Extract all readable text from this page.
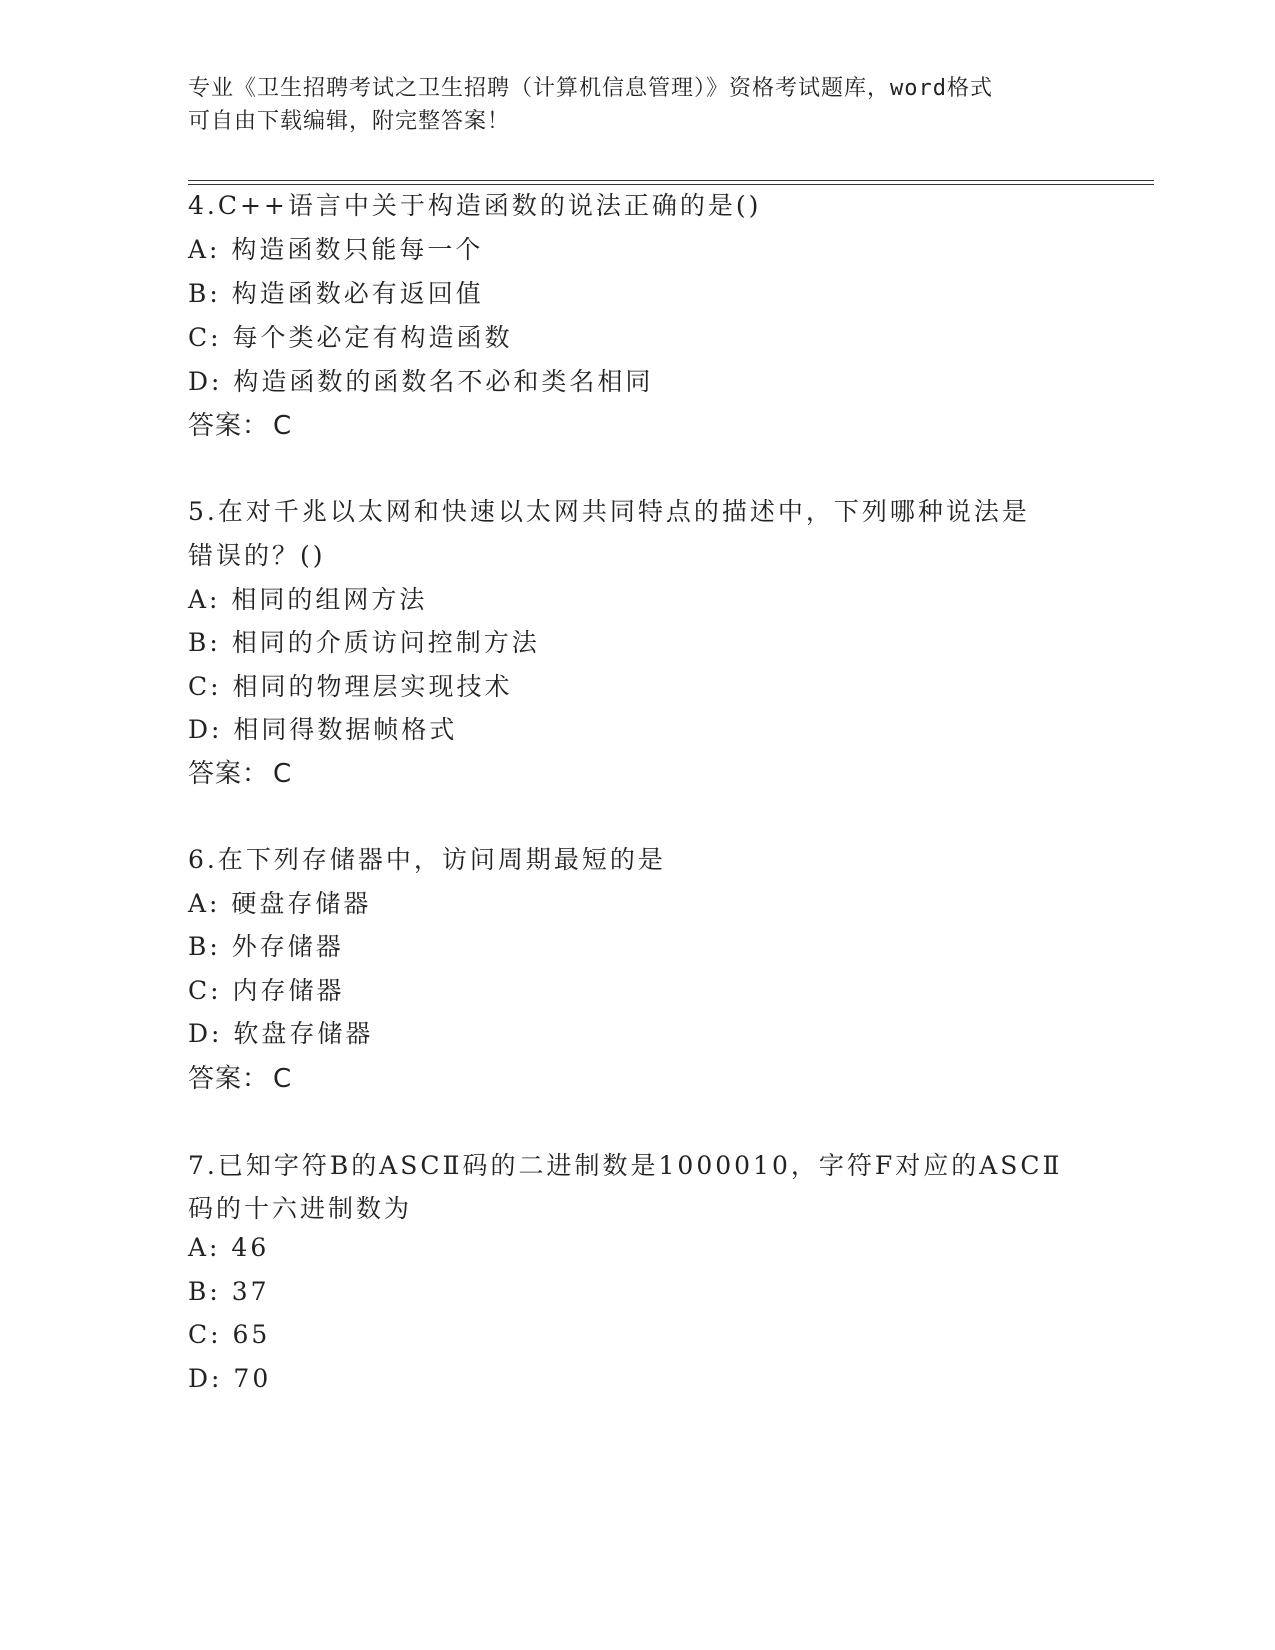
专业《卫生招聘考试之卫生招聘（计算机信息管理）》资格考试题库，word格式
可自由下载编辑，附完整答案！
4.C++语言中关于构造函数的说法正确的是()
A: 构造函数只能每一个
B: 构造函数必有返回值
C: 每个类必定有构造函数
D: 构造函数的函数名不必和类名相同
答案： C
5.在对千兆以太网和快速以太网共同特点的描述中，下列哪种说法是
错误的？()
A: 相同的组网方法
B: 相同的介质访问控制方法
C: 相同的物理层实现技术
D: 相同得数据帧格式
答案： C
6.在下列存储器中，访问周期最短的是
A: 硬盘存储器
B: 外存储器
C: 内存储器
D: 软盘存储器
答案： C
7.已知字符B的ASCⅡ码的二进制数是1000010，字符F对应的ASCⅡ
码的十六进制数为
A: 46
B: 37
C: 65
D: 70
